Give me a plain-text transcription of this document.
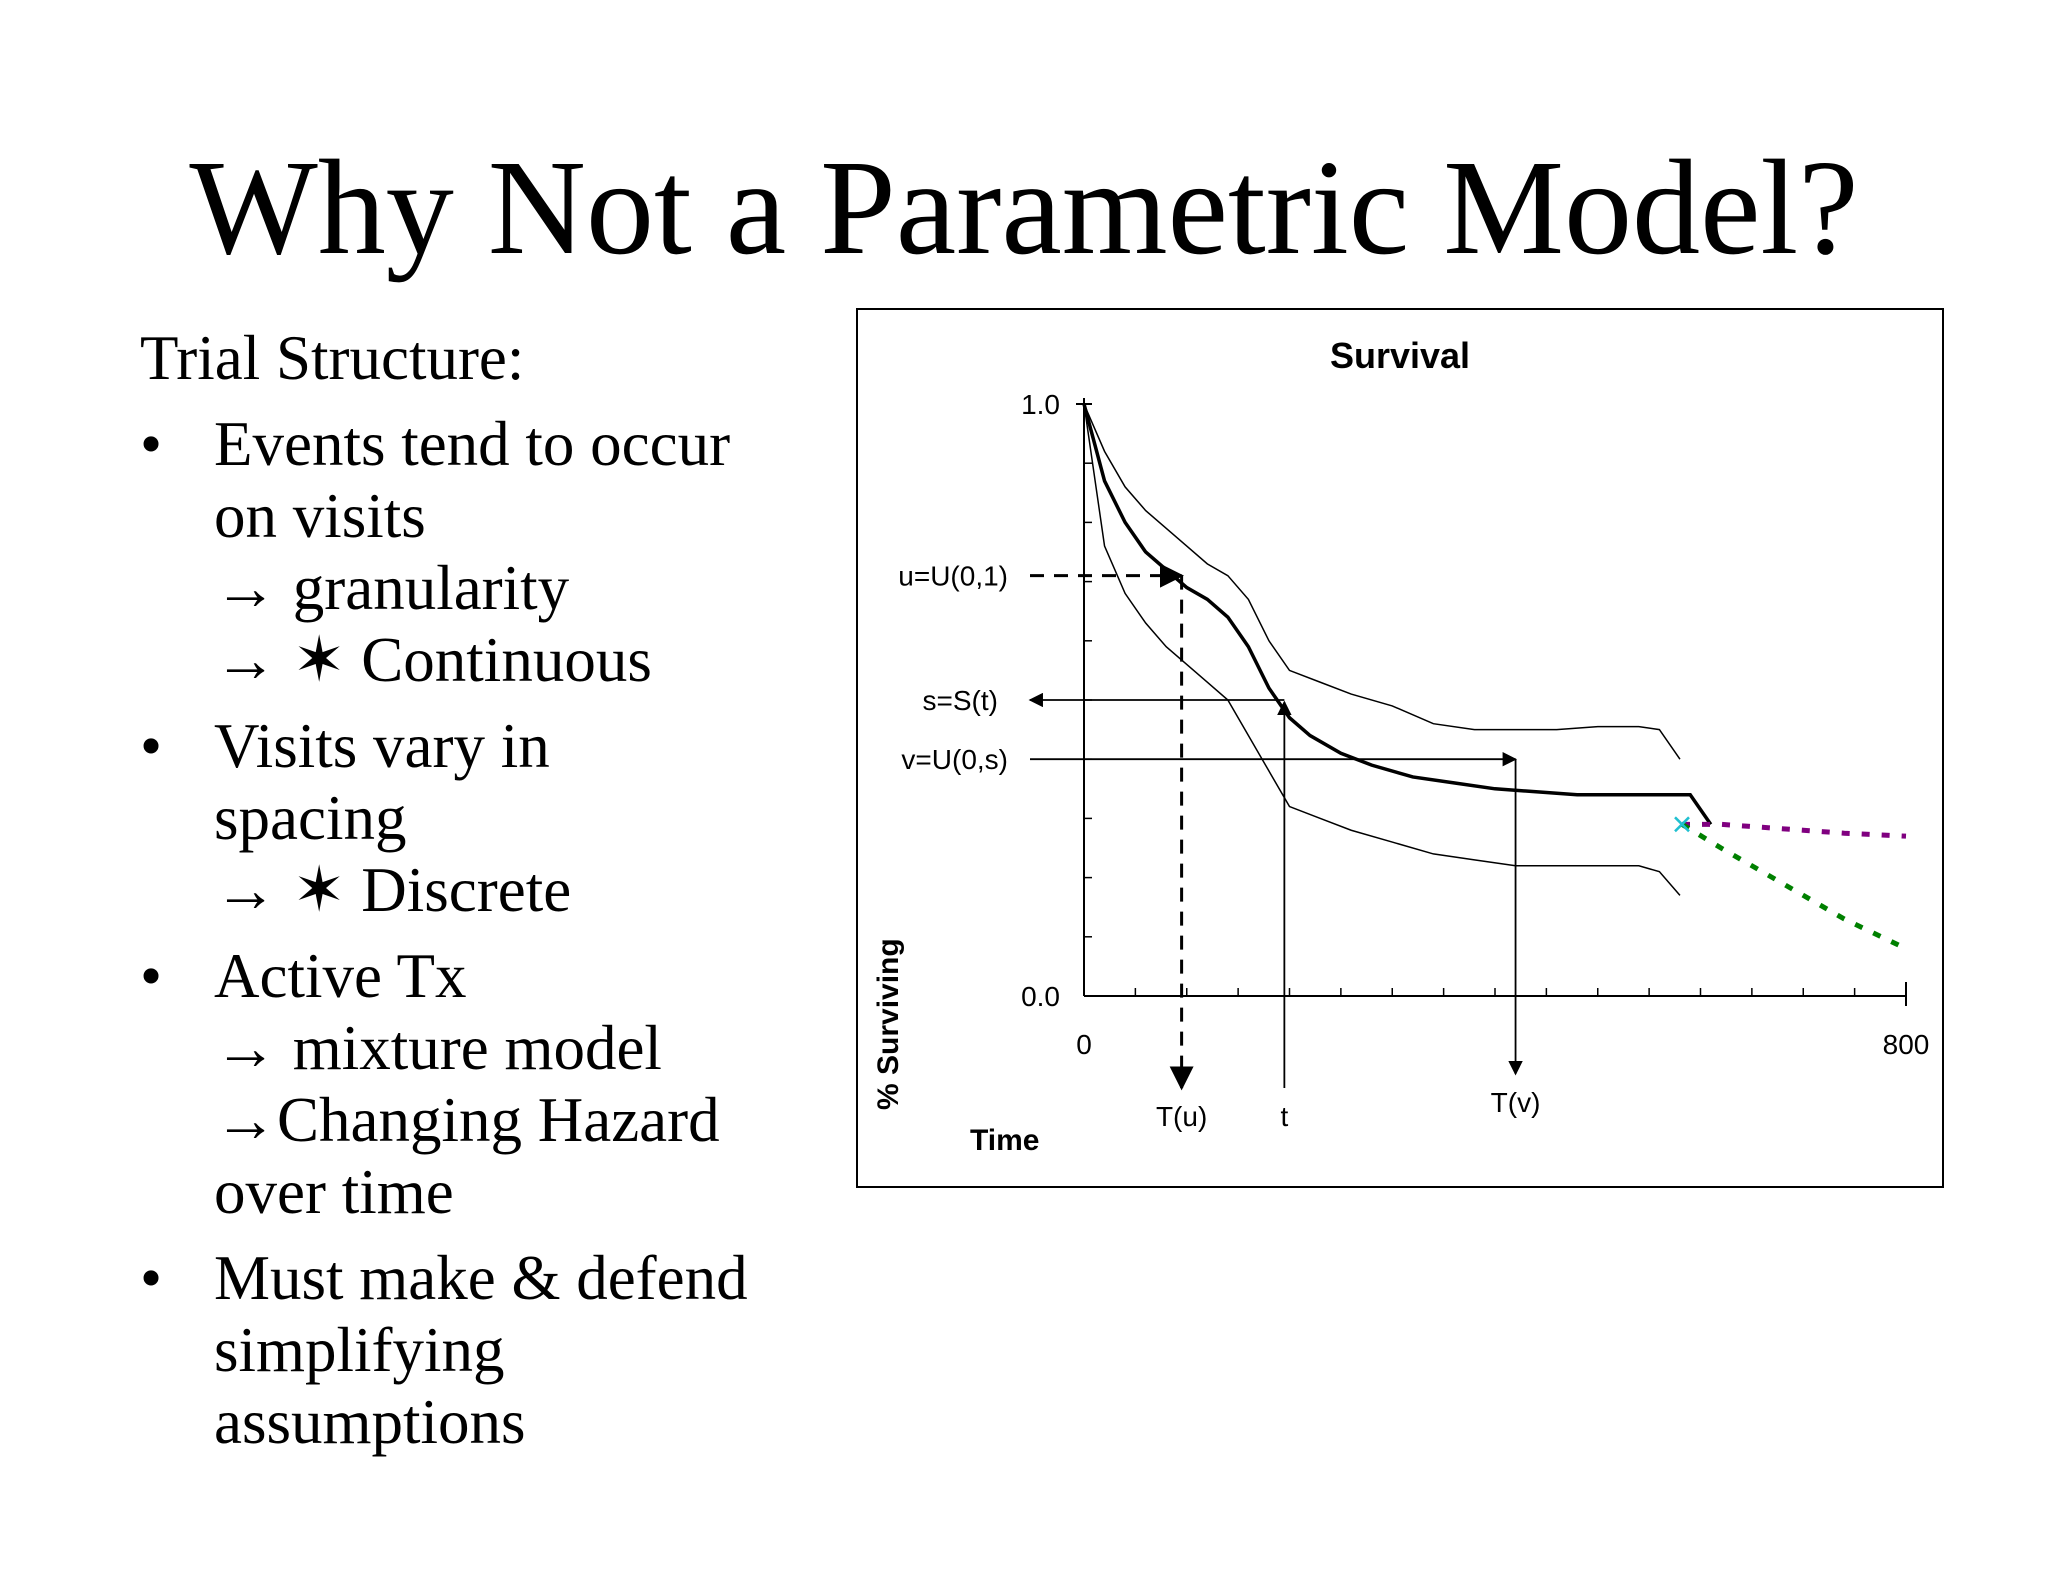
Why Not a Parametric Model?
Trial Structure:
• Events tend to occur
on visits
→ granularity
→ ✶ Continuous
• Visits vary in
spacing
→ ✶ Discrete
• Active Tx
→ mixture model
→Changing Hazard
over time
• Must make & defend
simplifying
assumptions
Survival
1.0
0.0
0	800
% Surviving
Time
u=U(0,1)
T(u)
s=S(t)
t
v=U(0,s)
T(v)
